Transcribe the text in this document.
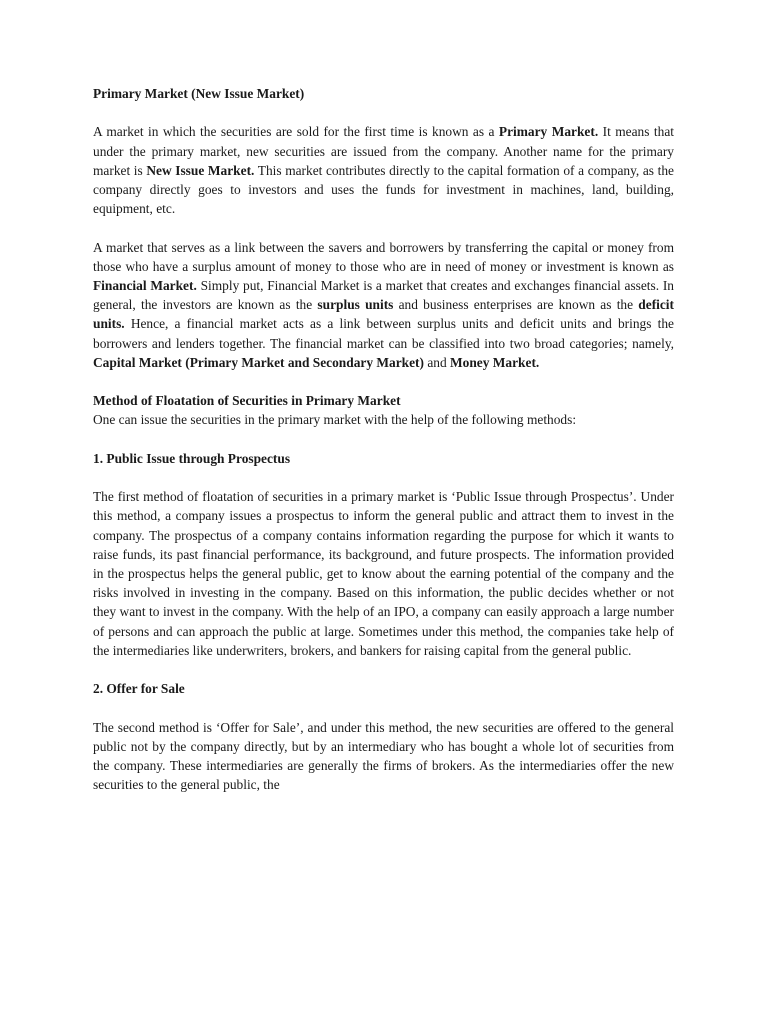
Primary Market (New Issue Market)

A market in which the securities are sold for the first time is known as a Primary Market. It means that under the primary market, new securities are issued from the company. Another name for the primary market is New Issue Market. This market contributes directly to the capital formation of a company, as the company directly goes to investors and uses the funds for investment in machines, land, building, equipment, etc.

A market that serves as a link between the savers and borrowers by transferring the capital or money from those who have a surplus amount of money to those who are in need of money or investment is known as Financial Market. Simply put, Financial Market is a market that creates and exchanges financial assets. In general, the investors are known as the surplus units and business enterprises are known as the deficit units. Hence, a financial market acts as a link between surplus units and deficit units and brings the borrowers and lenders together. The financial market can be classified into two broad categories; namely, Capital Market (Primary Market and Secondary Market) and Money Market.

Method of Floatation of Securities in Primary Market

One can issue the securities in the primary market with the help of the following methods:

1. Public Issue through Prospectus

The first method of floatation of securities in a primary market is ‘Public Issue through Prospectus’. Under this method, a company issues a prospectus to inform the general public and attract them to invest in the company. The prospectus of a company contains information regarding the purpose for which it wants to raise funds, its past financial performance, its background, and future prospects. The information provided in the prospectus helps the general public, get to know about the earning potential of the company and the risks involved in investing in the company. Based on this information, the public decides whether or not they want to invest in the company. With the help of an IPO, a company can easily approach a large number of persons and can approach the public at large. Sometimes under this method, the companies take help of the intermediaries like underwriters, brokers, and bankers for raising capital from the general public.

2. Offer for Sale

The second method is ‘Offer for Sale’, and under this method, the new securities are offered to the general public not by the company directly, but by an intermediary who has bought a whole lot of securities from the company. These intermediaries are generally the firms of brokers. As the intermediaries offer the new securities to the general public, the
